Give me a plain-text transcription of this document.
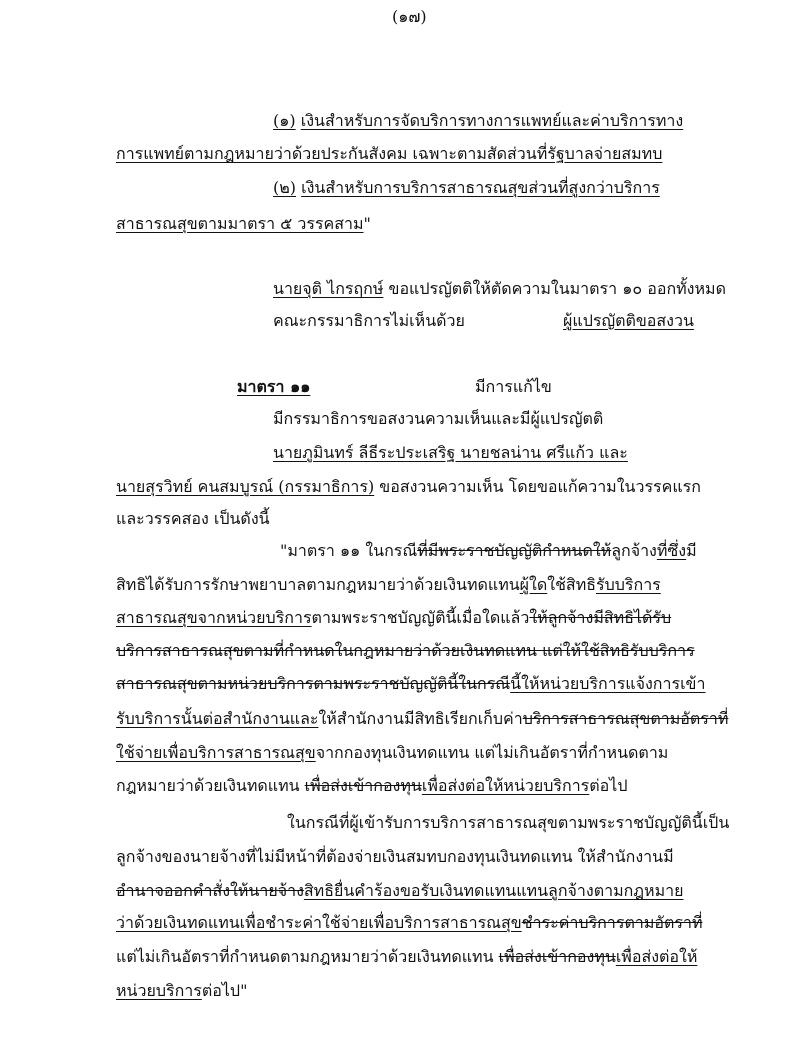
(๑๗)
(๑) เงินสำหรับการจัดบริการทางการแพทย์และค่าบริการทาง
การแพทย์ตามกฎหมายว่าด้วยประกันสังคม เฉพาะตามสัดส่วนที่รัฐบาลจ่ายสมทบ
(๒) เงินสำหรับการบริการสาธารณสุขส่วนที่สูงกว่าบริการ
สาธารณสุขตามมาตรา ๕ วรรคสาม"
นายจุติ ไกรฤกษ์ ขอแปรญัตติให้ตัดความในมาตรา ๑๐ ออกทั้งหมด
คณะกรรมาธิการไม่เห็นด้วย	ผู้แปรญัตติขอสงวน
มาตรา ๑๑	มีการแก้ไข
มีกรรมาธิการขอสงวนความเห็นและมีผู้แปรญัตติ
นายภูมินทร์ ลีธีระประเสริฐ นายชลน่าน ศรีแก้ว และ
นายสุรวิทย์ คนสมบูรณ์ (กรรมาธิการ) ขอสงวนความเห็น โดยขอแก้ความในวรรคแรก
และวรรคสอง เป็นดังนี้
"มาตรา ๑๑ ในกรณีที่มีพระราชบัญญัติกำหนดให้ลูกจ้างที่ซึ่งมี
สิทธิได้รับการรักษาพยาบาลตามกฎหมายว่าด้วยเงินทดแทนผู้ใดใช้สิทธิรับบริการ
สาธารณสุขจากหน่วยบริการตามพระราชบัญญัตินี้เมื่อใดแล้วให้ลูกจ้างมีสิทธิได้รับ
บริการสาธารณสุขตามที่กำหนดในกฎหมายว่าด้วยเงินทดแทน แต่ให้ใช้สิทธิรับบริการ
สาธารณสุขตามหน่วยบริการตามพระราชบัญญัตินี้ในกรณีนี้ให้หน่วยบริการแจ้งการเข้า
รับบริการนั้นต่อสำนักงานและให้สำนักงานมีสิทธิเรียกเก็บค่าบริการสาธารณสุขตามอัตราที่
ใช้จ่ายเพื่อบริการสาธารณสุขจากกองทุนเงินทดแทน แต่ไม่เกินอัตราที่กำหนดตาม
กฎหมายว่าด้วยเงินทดแทน เพื่อส่งเข้ากองทุนเพื่อส่งต่อให้หน่วยบริการต่อไป
ในกรณีที่ผู้เข้ารับการบริการสาธารณสุขตามพระราชบัญญัตินี้เป็น
ลูกจ้างของนายจ้างที่ไม่มีหน้าที่ต้องจ่ายเงินสมทบกองทุนเงินทดแทน ให้สำนักงานมี
อำนาจออกคำสั่งให้นายจ้างสิทธิยื่นคำร้องขอรับเงินทดแทนแทนลูกจ้างตามกฎหมาย
ว่าด้วยเงินทดแทนเพื่อชำระค่าใช้จ่ายเพื่อบริการสาธารณสุขชำระค่าบริการตามอัตราที่
แต่ไม่เกินอัตราที่กำหนดตามกฎหมายว่าด้วยเงินทดแทน เพื่อส่งเข้ากองทุนเพื่อส่งต่อให้
หน่วยบริการต่อไป"
